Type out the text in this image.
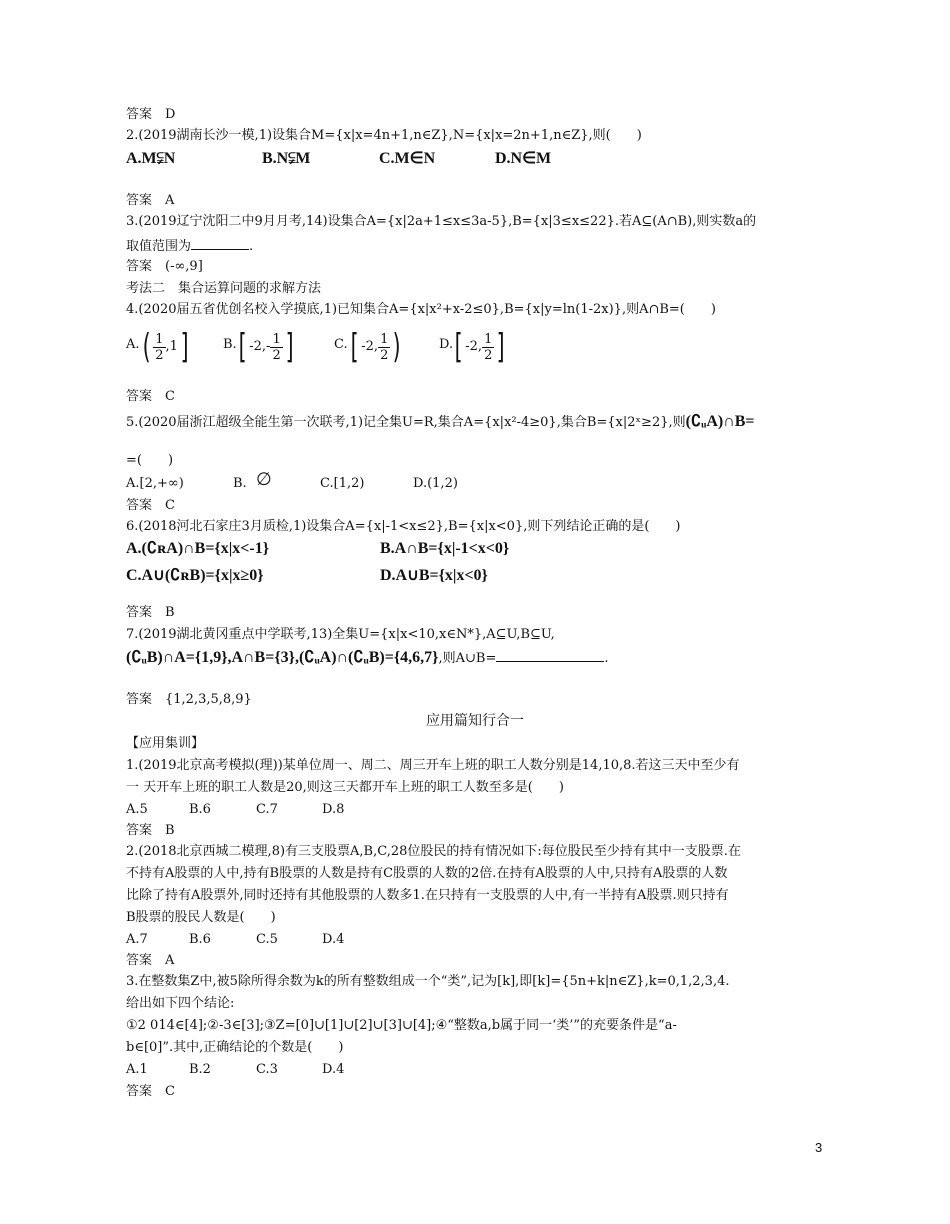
答案　D
2.(2019湖南长沙一模,1)设集合M={x|x=4n+1,n∈Z},N={x|x=2n+1,n∈Z},则(　　)
A.M⫋N	B.N⫋M	C.M∈N	D.N∈M
答案　A
3.(2019辽宁沈阳二中9月月考,14)设集合A={x|2a+1≤x≤3a-5},B={x|3≤x≤22}.若A⊆(A∩B),则实数a的
取值范围为	.
答案　(-∞,9]
考法二　集合运算问题的求解方法
4.(2020届五省优创名校入学摸底,1)已知集合A={x|x²+x-2≤0},B={x|y=ln(1-2x)},则A∩B=(　　)
A. ( $\frac{1}{2} ,1$]	B. [ $-2,- \frac{1}{2}$ ]	C. [ -2, $\frac{1}{2}$ )	D. [ -2, $\frac{1}{2}$ ]
答案　C
5.(2020届浙江超级全能生第一次联考,1)记全集U=R,集合A={x|x²-4≥0},集合B={x|2ˣ≥2},则(∁ᵤA)∩B=
=(　　)
A.[2,+∞)	B. ∅	C.[1,2)	D.(1,2)
答案　C
6.(2018河北石家庄3月质检,1)设集合A={x|-1<x≤2},B={x|x<0},则下列结论正确的是(　　)
A.(∁ʀA)∩B={x|x<-1}	B.A∩B={x|-1<x<0}
C.A∪(∁ʀB)={x|x≥0}	D.A∪B={x|x<0}
答案　B
7.(2019湖北黄冈重点中学联考,13)全集U={x|x<10,x∈N*},A⊆U,B⊆U,
(∁ᵤB)∩A={1,9},A∩B={3},(∁ᵤA)∩(∁ᵤB)={4,6,7},则A∪B=	.
答案　{1,2,3,5,8,9}
应用篇知行合一
【应用集训】
1.(2019北京高考模拟(理))某单位周一、周二、周三开车上班的职工人数分别是14,10,8.若这三天中至少有
一 天开车上班的职工人数是20,则这三天都开车上班的职工人数至多是(　　)
A.5	B.6	C.7	D.8
答案　B
2.(2018北京西城二模理,8)有三支股票A,B,C,28位股民的持有情况如下:每位股民至少持有其中一支股票.在
不持有A股票的人中,持有B股票的人数是持有C股票的人数的2倍.在持有A股票的人中,只持有A股票的人数
比除了持有A股票外,同时还持有其他股票的人数多1.在只持有一支股票的人中,有一半持有A股票.则只持有
B股票的股民人数是(　　)
A.7	B.6	C.5	D.4
答案　A
3.在整数集Z中,被5除所得余数为k的所有整数组成一个“类”,记为[k],即[k]={5n+k|n∈Z},k=0,1,2,3,4.
给出如下四个结论:
①2 014∈[4];②-3∈[3];③Z=[0]∪[1]∪[2]∪[3]∪[4];④“整数a,b属于同一‘类’”的充要条件是“a-
b∈[0]”.其中,正确结论的个数是(　　)
A.1	B.2	C.3	D.4
答案　C
3
